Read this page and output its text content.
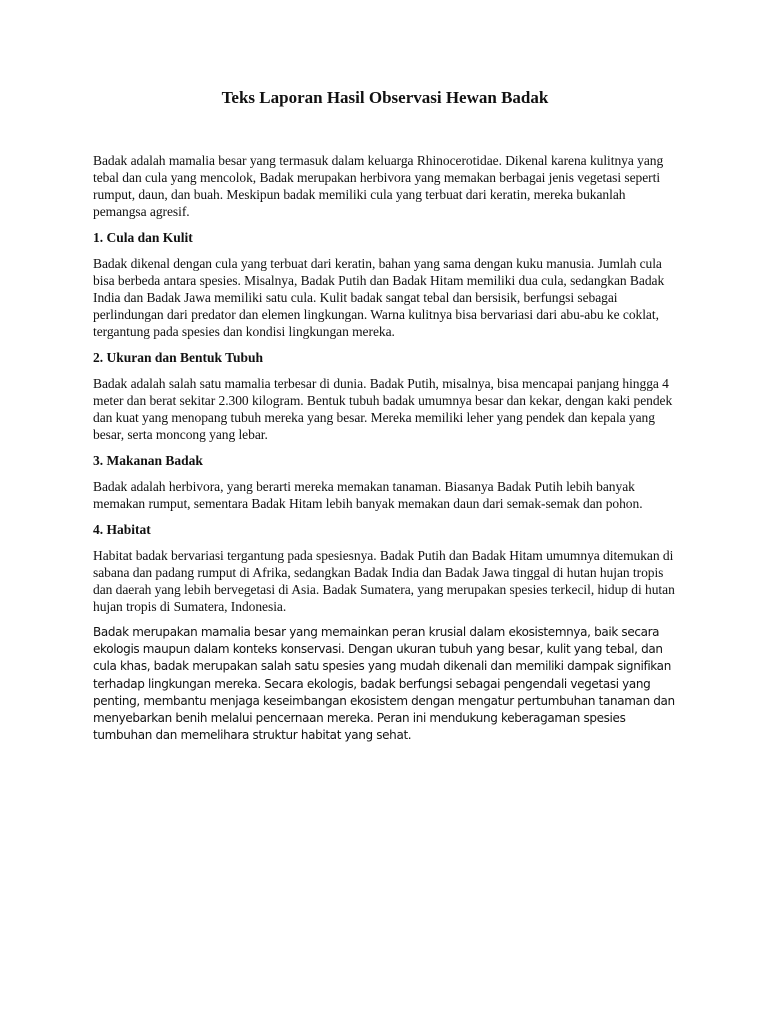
Teks Laporan Hasil Observasi Hewan Badak

Badak adalah mamalia besar yang termasuk dalam keluarga Rhinocerotidae. Dikenal karena kulitnya yang tebal dan cula yang mencolok, Badak merupakan herbivora yang memakan berbagai jenis vegetasi seperti rumput, daun, dan buah. Meskipun badak memiliki cula yang terbuat dari keratin, mereka bukanlah pemangsa agresif.

1. Cula dan Kulit

Badak dikenal dengan cula yang terbuat dari keratin, bahan yang sama dengan kuku manusia. Jumlah cula bisa berbeda antara spesies. Misalnya, Badak Putih dan Badak Hitam memiliki dua cula, sedangkan Badak India dan Badak Jawa memiliki satu cula. Kulit badak sangat tebal dan bersisik, berfungsi sebagai perlindungan dari predator dan elemen lingkungan. Warna kulitnya bisa bervariasi dari abu-abu ke coklat, tergantung pada spesies dan kondisi lingkungan mereka.

2. Ukuran dan Bentuk Tubuh

Badak adalah salah satu mamalia terbesar di dunia. Badak Putih, misalnya, bisa mencapai panjang hingga 4 meter dan berat sekitar 2.300 kilogram. Bentuk tubuh badak umumnya besar dan kekar, dengan kaki pendek dan kuat yang menopang tubuh mereka yang besar. Mereka memiliki leher yang pendek dan kepala yang besar, serta moncong yang lebar.

3. Makanan Badak

Badak adalah herbivora, yang berarti mereka memakan tanaman. Biasanya Badak Putih lebih banyak memakan rumput, sementara Badak Hitam lebih banyak memakan daun dari semak-semak dan pohon.

4. Habitat

Habitat badak bervariasi tergantung pada spesiesnya. Badak Putih dan Badak Hitam umumnya ditemukan di sabana dan padang rumput di Afrika, sedangkan Badak India dan Badak Jawa tinggal di hutan hujan tropis dan daerah yang lebih bervegetasi di Asia. Badak Sumatera, yang merupakan spesies terkecil, hidup di hutan hujan tropis di Sumatera, Indonesia.

Badak merupakan mamalia besar yang memainkan peran krusial dalam ekosistemnya, baik secara ekologis maupun dalam konteks konservasi. Dengan ukuran tubuh yang besar, kulit yang tebal, dan cula khas, badak merupakan salah satu spesies yang mudah dikenali dan memiliki dampak signifikan terhadap lingkungan mereka. Secara ekologis, badak berfungsi sebagai pengendali vegetasi yang penting, membantu menjaga keseimbangan ekosistem dengan mengatur pertumbuhan tanaman dan menyebarkan benih melalui pencernaan mereka. Peran ini mendukung keberagaman spesies tumbuhan dan memelihara struktur habitat yang sehat.
